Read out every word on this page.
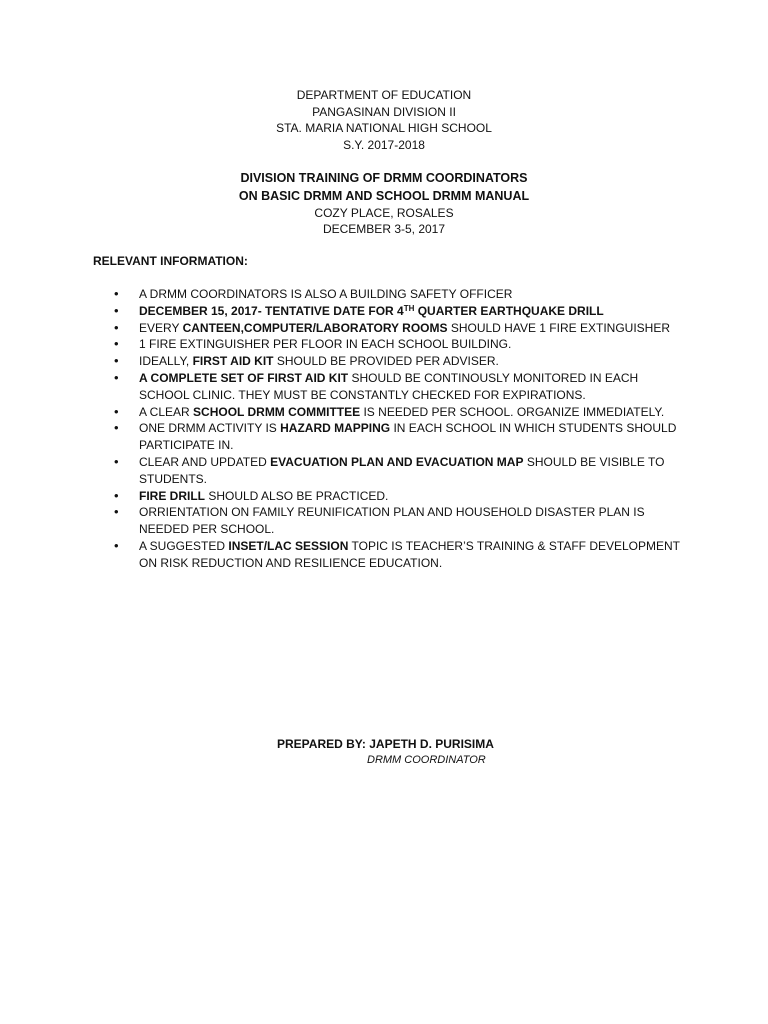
DEPARTMENT OF EDUCATION
PANGASINAN DIVISION II
STA. MARIA NATIONAL HIGH SCHOOL
S.Y. 2017-2018
DIVISION TRAINING OF DRMM COORDINATORS
ON BASIC DRMM AND SCHOOL DRMM MANUAL
COZY PLACE, ROSALES
DECEMBER 3-5, 2017
RELEVANT INFORMATION:
• A DRMM COORDINATORS IS ALSO A BUILDING SAFETY OFFICER
• DECEMBER 15, 2017- TENTATIVE DATE FOR 4TH QUARTER EARTHQUAKE DRILL
• EVERY CANTEEN,COMPUTER/LABORATORY ROOMS SHOULD HAVE 1 FIRE EXTINGUISHER
• 1 FIRE EXTINGUISHER PER FLOOR IN EACH SCHOOL BUILDING.
• IDEALLY, FIRST AID KIT SHOULD BE PROVIDED PER ADVISER.
• A COMPLETE SET OF FIRST AID KIT SHOULD BE CONTINOUSLY MONITORED IN EACH SCHOOL CLINIC. THEY MUST BE CONSTANTLY CHECKED FOR EXPIRATIONS.
• A CLEAR SCHOOL DRMM COMMITTEE IS NEEDED PER SCHOOL. ORGANIZE IMMEDIATELY.
• ONE DRMM ACTIVITY IS HAZARD MAPPING IN EACH SCHOOL IN WHICH STUDENTS SHOULD PARTICIPATE IN.
• CLEAR AND UPDATED EVACUATION PLAN AND EVACUATION MAP SHOULD BE VISIBLE TO STUDENTS.
• FIRE DRILL SHOULD ALSO BE PRACTICED.
• ORRIENTATION ON FAMILY REUNIFICATION PLAN AND HOUSEHOLD DISASTER PLAN IS NEEDED PER SCHOOL.
• A SUGGESTED INSET/LAC SESSION TOPIC IS TEACHER’S TRAINING & STAFF DEVELOPMENT ON RISK REDUCTION AND RESILIENCE EDUCATION.
PREPARED BY: JAPETH D. PURISIMA
DRMM COORDINATOR
